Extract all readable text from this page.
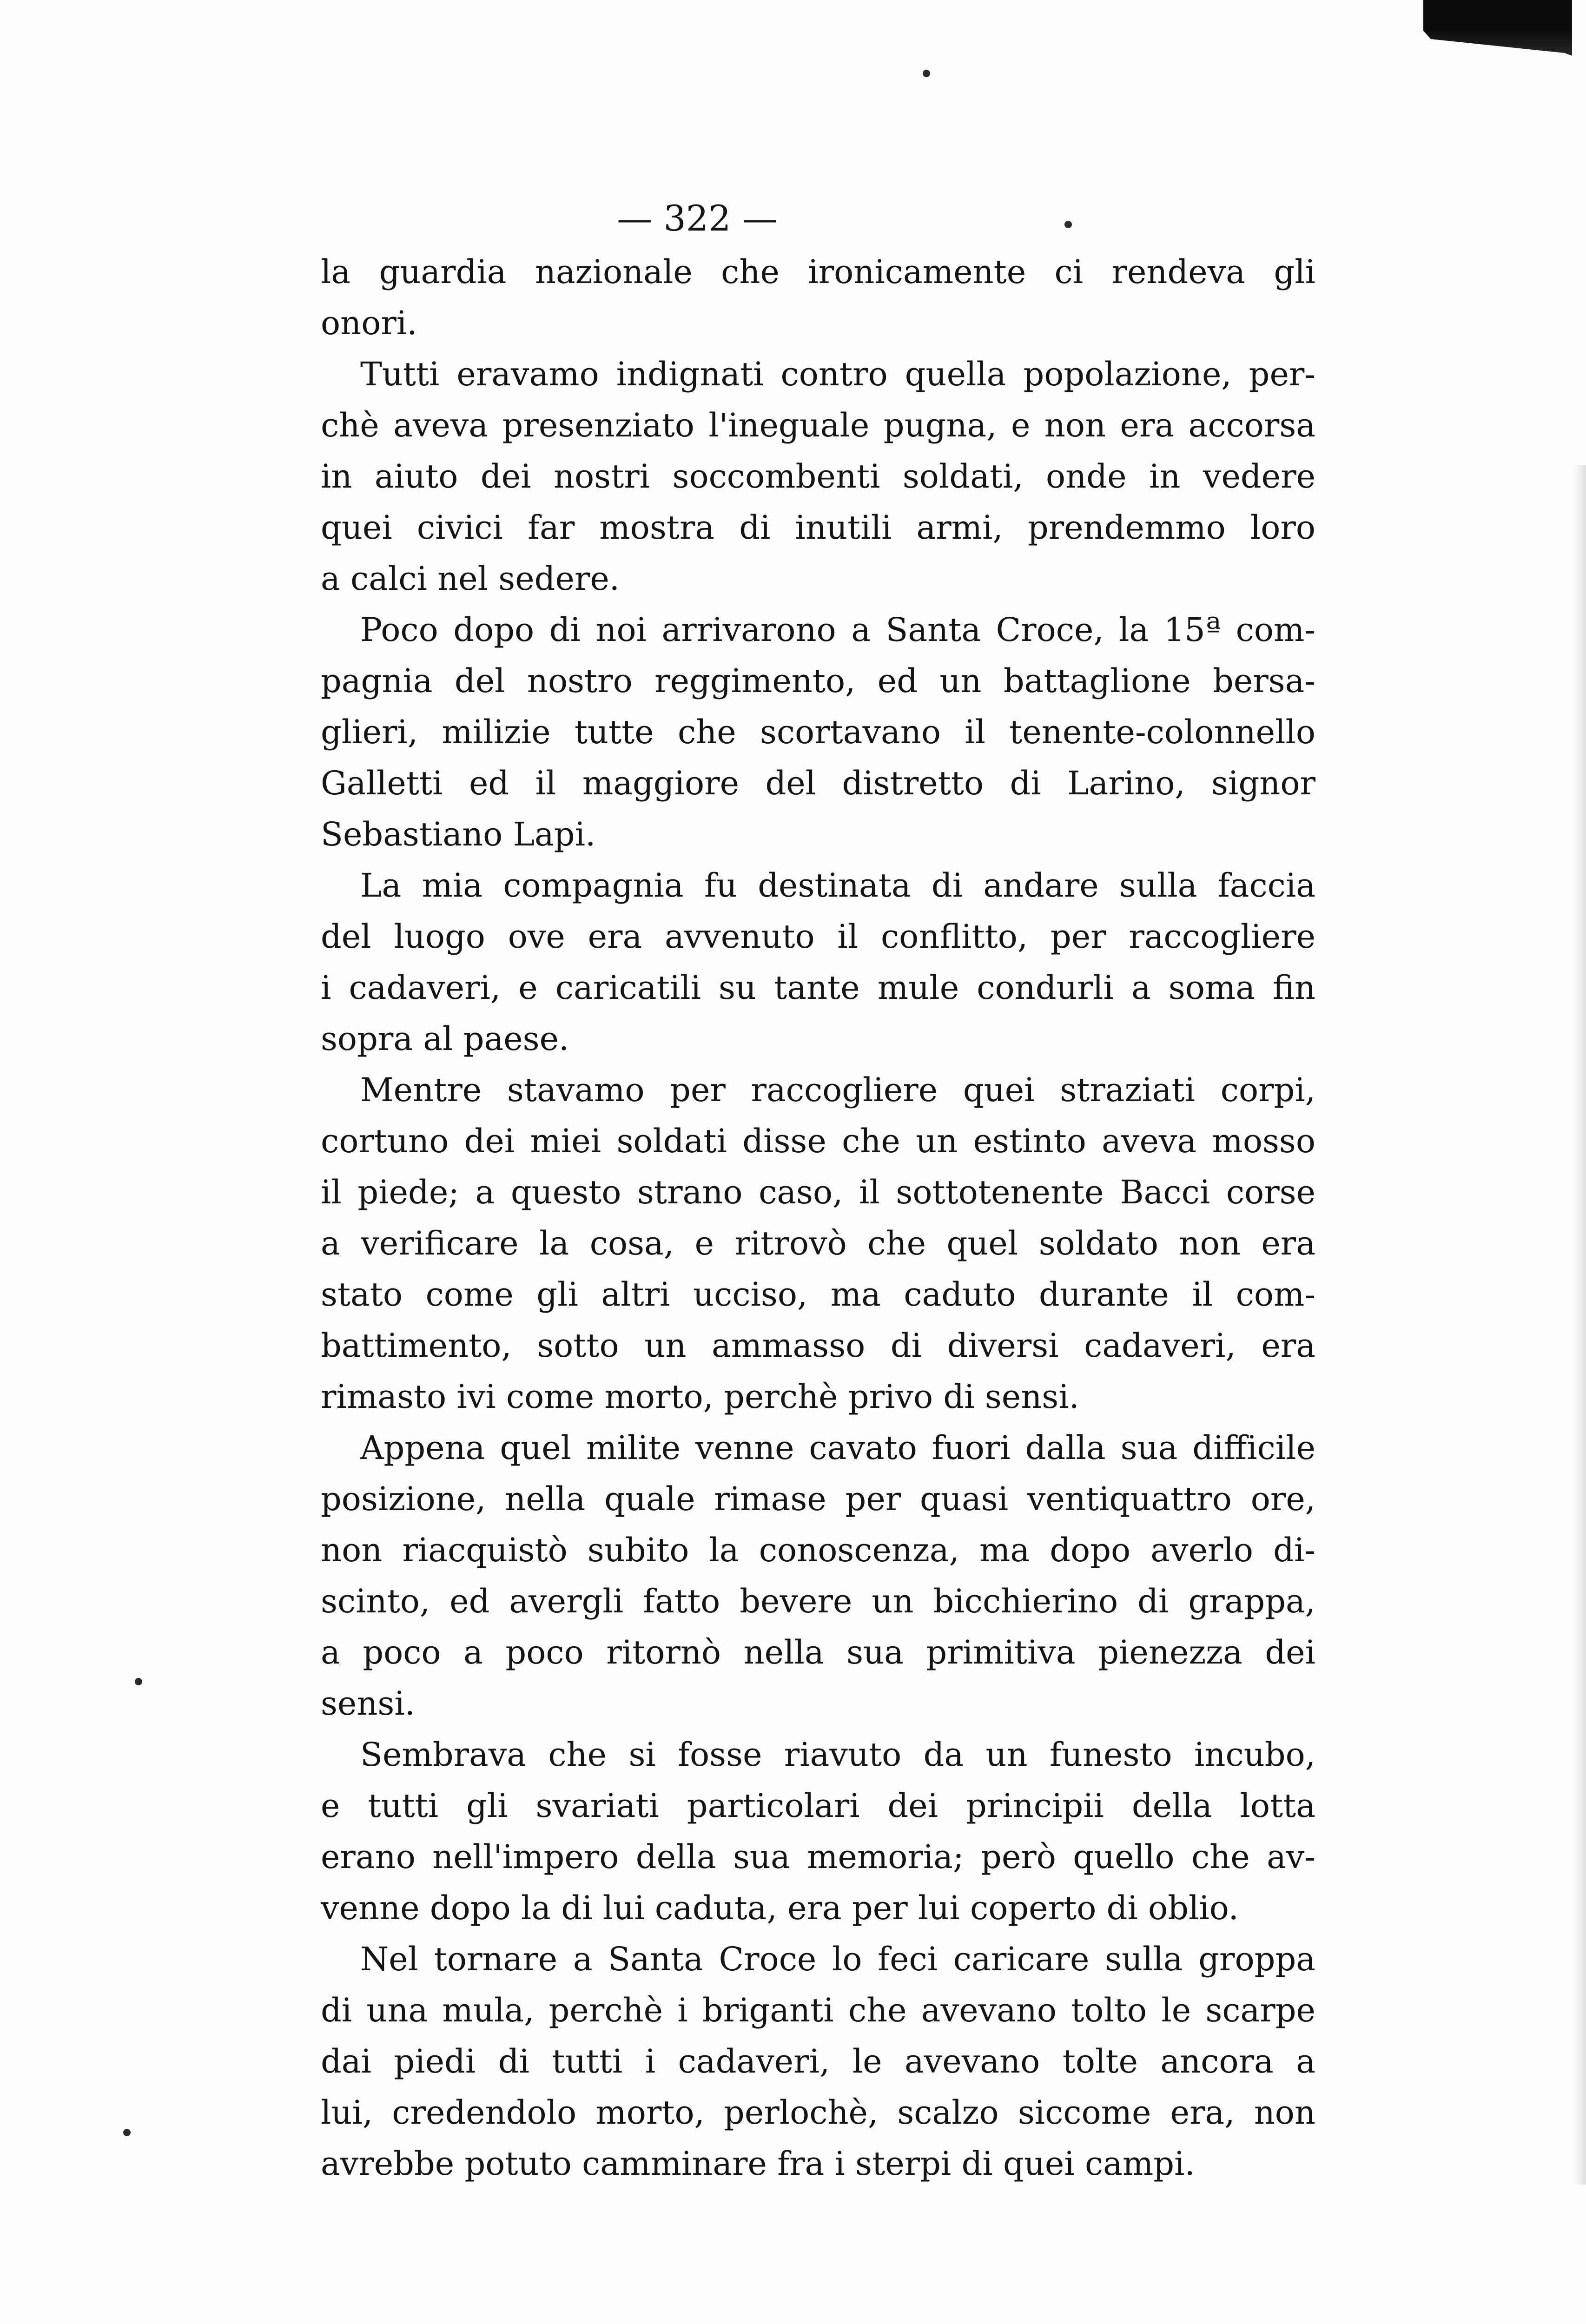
— 322 —
la guardia nazionale che ironicamente ci rendeva gli
onori.
Tutti eravamo indignati contro quella popolazione, per-
chè aveva presenziato l'ineguale pugna, e non era accorsa
in aiuto dei nostri soccombenti soldati, onde in vedere
quei civici far mostra di inutili armi, prendemmo loro
a calci nel sedere.
Poco dopo di noi arrivarono a Santa Croce, la 15ª com-
pagnia del nostro reggimento, ed un battaglione bersa-
glieri, milizie tutte che scortavano il tenente-colonnello
Galletti ed il maggiore del distretto di Larino, signor
Sebastiano Lapi.
La mia compagnia fu destinata di andare sulla faccia
del luogo ove era avvenuto il conflitto, per raccogliere
i cadaveri, e caricatili su tante mule condurli a soma fin
sopra al paese.
Mentre stavamo per raccogliere quei straziati corpi,
cortuno dei miei soldati disse che un estinto aveva mosso
il piede; a questo strano caso, il sottotenente Bacci corse
a verificare la cosa, e ritrovò che quel soldato non era
stato come gli altri ucciso, ma caduto durante il com-
battimento, sotto un ammasso di diversi cadaveri, era
rimasto ivi come morto, perchè privo di sensi.
Appena quel milite venne cavato fuori dalla sua difficile
posizione, nella quale rimase per quasi ventiquattro ore,
non riacquistò subito la conoscenza, ma dopo averlo di-
scinto, ed avergli fatto bevere un bicchierino di grappa,
a poco a poco ritornò nella sua primitiva pienezza dei
sensi.
Sembrava che si fosse riavuto da un funesto incubo,
e tutti gli svariati particolari dei principii della lotta
erano nell'impero della sua memoria; però quello che av-
venne dopo la di lui caduta, era per lui coperto di oblio.
Nel tornare a Santa Croce lo feci caricare sulla groppa
di una mula, perchè i briganti che avevano tolto le scarpe
dai piedi di tutti i cadaveri, le avevano tolte ancora a
lui, credendolo morto, perlochè, scalzo siccome era, non
avrebbe potuto camminare fra i sterpi di quei campi.
